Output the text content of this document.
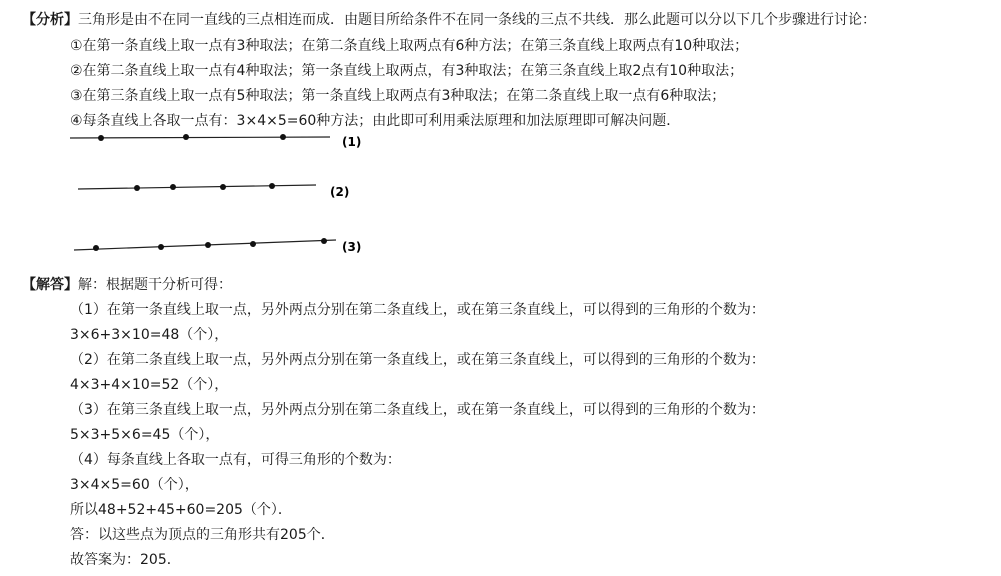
【分析】三角形是由不在同一直线的三点相连而成．由题目所给条件不在同一条线的三点不共线．那么此题可以分以下几个步骤进行讨论：
①在第一条直线上取一点有3种取法；在第二条直线上取两点有6种方法；在第三条直线上取两点有10种取法；
②在第二条直线上取一点有4种取法；第一条直线上取两点，有3种取法；在第三条直线上取2点有10种取法；
③在第三条直线上取一点有5种取法；第一条直线上取两点有3种取法；在第二条直线上取一点有6种取法；
④每条直线上各取一点有：3×4×5=60种方法；由此即可利用乘法原理和加法原理即可解决问题．
(1)
(2)
(3)
【解答】解：根据题干分析可得：
（1）在第一条直线上取一点，另外两点分别在第二条直线上，或在第三条直线上，可以得到的三角形的个数为：
3×6+3×10=48（个），
（2）在第二条直线上取一点，另外两点分别在第一条直线上，或在第三条直线上，可以得到的三角形的个数为：
4×3+4×10=52（个），
（3）在第三条直线上取一点，另外两点分别在第二条直线上，或在第一条直线上，可以得到的三角形的个数为：
5×3+5×6=45（个），
（4）每条直线上各取一点有，可得三角形的个数为：
3×4×5=60（个），
所以48+52+45+60=205（个）．
答：以这些点为顶点的三角形共有205个．
故答案为：205．
